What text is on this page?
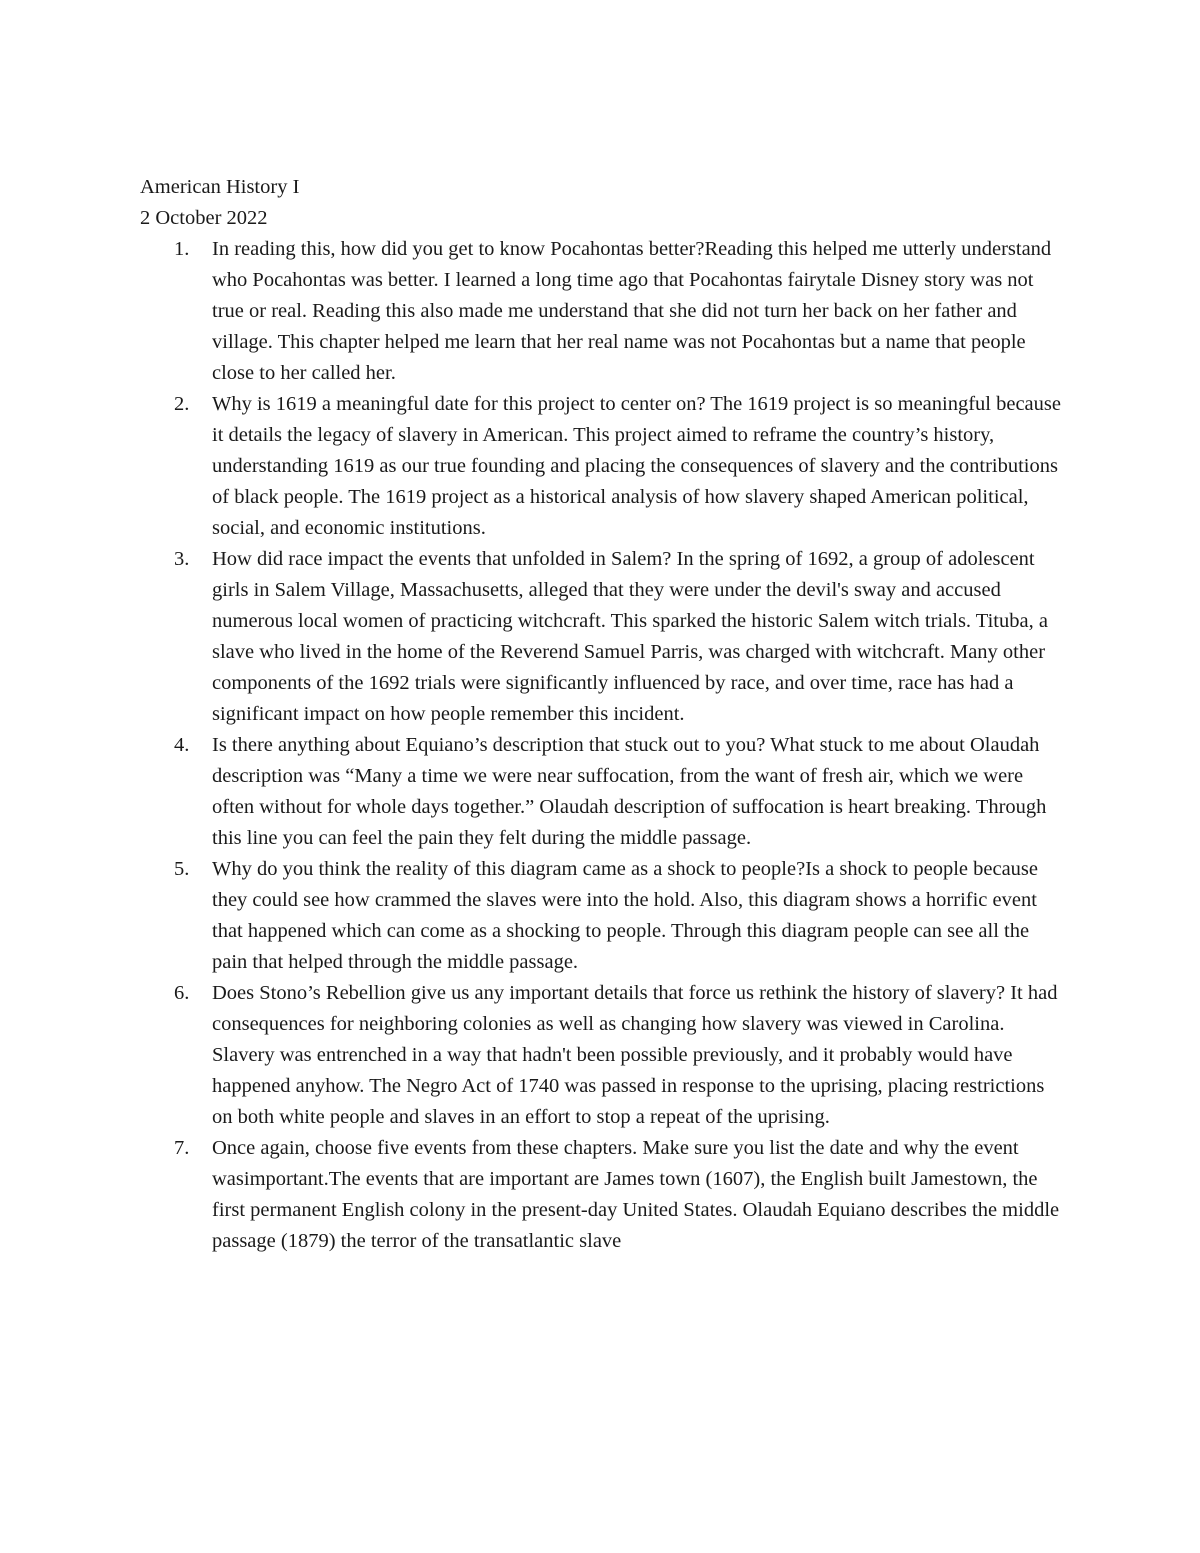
American History I

2 October 2022

1. In reading this, how did you get to know Pocahontas better?Reading this helped me utterly understand who Pocahontas was better. I learned a long time ago that Pocahontas fairytale Disney story was not true or real. Reading this also made me understand that she did not turn her back on her father and village. This chapter helped me learn that her real name was not Pocahontas but a name that people close to her called her.
2. Why is 1619 a meaningful date for this project to center on? The 1619 project is so meaningful because it details the legacy of slavery in American. This project aimed to reframe the country’s history, understanding 1619 as our true founding and placing the consequences of slavery and the contributions of black people. The 1619 project as a historical analysis of how slavery shaped American political, social, and economic institutions.
3. How did race impact the events that unfolded in Salem? In the spring of 1692, a group of adolescent girls in Salem Village, Massachusetts, alleged that they were under the devil's sway and accused numerous local women of practicing witchcraft. This sparked the historic Salem witch trials. Tituba, a slave who lived in the home of the Reverend Samuel Parris, was charged with witchcraft. Many other components of the 1692 trials were significantly influenced by race, and over time, race has had a significant impact on how people remember this incident.
4. Is there anything about Equiano’s description that stuck out to you? What stuck to me about Olaudah description was “Many a time we were near suffocation, from the want of fresh air, which we were often without for whole days together.” Olaudah description of suffocation is heart breaking. Through this line you can feel the pain they felt during the middle passage.
5. Why do you think the reality of this diagram came as a shock to people?Is a shock to people because they could see how crammed the slaves were into the hold. Also, this diagram shows a horrific event that happened which can come as a shocking to people. Through this diagram people can see all the pain that helped through the middle passage.
6. Does Stono’s Rebellion give us any important details that force us rethink the history of slavery? It had consequences for neighboring colonies as well as changing how slavery was viewed in Carolina. Slavery was entrenched in a way that hadn't been possible previously, and it probably would have happened anyhow. The Negro Act of 1740 was passed in response to the uprising, placing restrictions on both white people and slaves in an effort to stop a repeat of the uprising.
7. Once again, choose five events from these chapters. Make sure you list the date and why the event wasimportant.The events that are important are James town (1607), the English built Jamestown, the first permanent English colony in the present-day United States. Olaudah Equiano describes the middle passage (1879) the terror of the transatlantic slave
